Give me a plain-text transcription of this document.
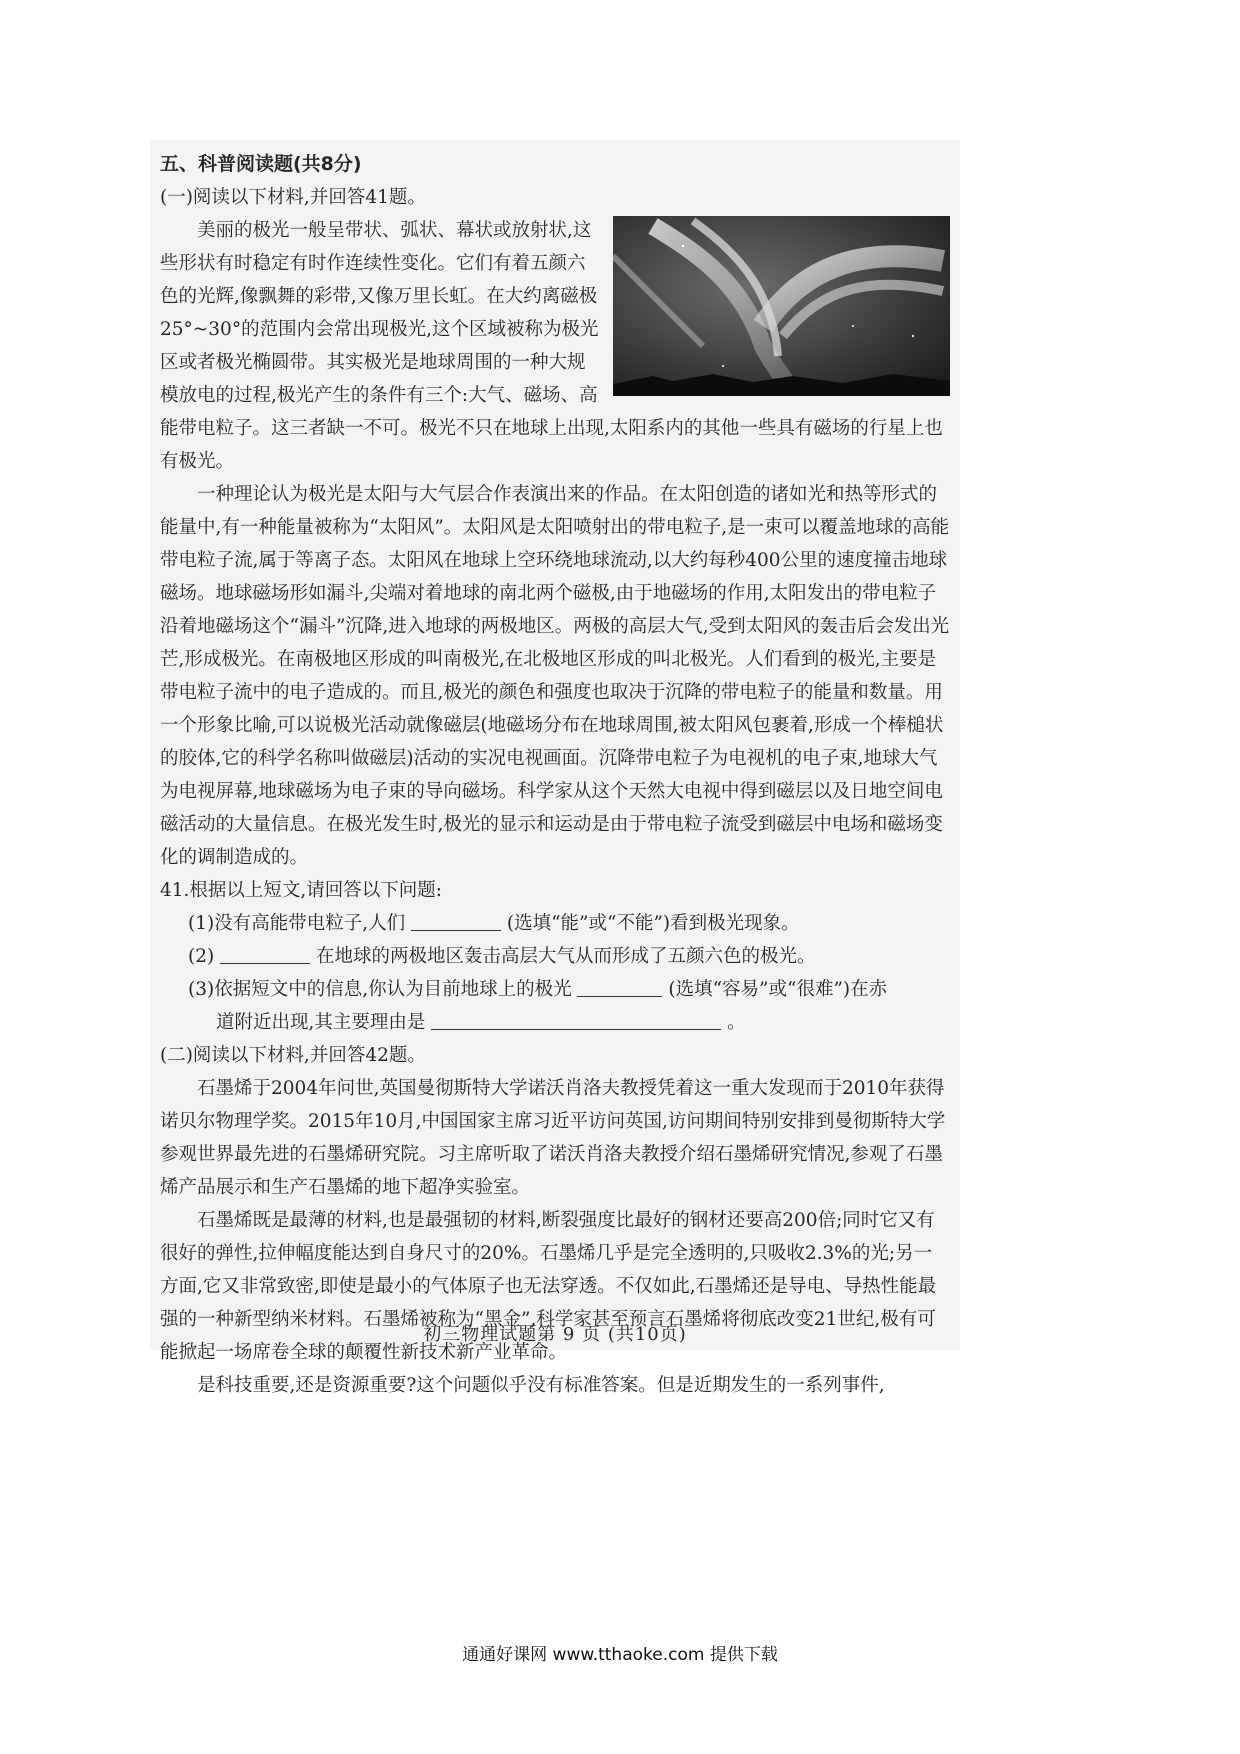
五、科普阅读题(共8分)

(一)阅读以下材料,并回答41题。

美丽的极光一般呈带状、弧状、幕状或放射状,这些形状有时稳定有时作连续性变化。它们有着五颜六色的光辉,像飘舞的彩带,又像万里长虹。在大约离磁极25°~30°的范围内会常出现极光,这个区域被称为极光区或者极光椭圆带。其实极光是地球周围的一种大规模放电的过程,极光产生的条件有三个:大气、磁场、高能带电粒子。这三者缺一不可。极光不只在地球上出现,太阳系内的其他一些具有磁场的行星上也有极光。

一种理论认为极光是太阳与大气层合作表演出来的作品。在太阳创造的诸如光和热等形式的能量中,有一种能量被称为“太阳风”。太阳风是太阳喷射出的带电粒子,是一束可以覆盖地球的高能带电粒子流,属于等离子态。太阳风在地球上空环绕地球流动,以大约每秒400公里的速度撞击地球磁场。地球磁场形如漏斗,尖端对着地球的南北两个磁极,由于地磁场的作用,太阳发出的带电粒子沿着地磁场这个“漏斗”沉降,进入地球的两极地区。两极的高层大气,受到太阳风的轰击后会发出光芒,形成极光。在南极地区形成的叫南极光,在北极地区形成的叫北极光。人们看到的极光,主要是带电粒子流中的电子造成的。而且,极光的颜色和强度也取决于沉降的带电粒子的能量和数量。用一个形象比喻,可以说极光活动就像磁层(地磁场分布在地球周围,被太阳风包裹着,形成一个棒槌状的胶体,它的科学名称叫做磁层)活动的实况电视画面。沉降带电粒子为电视机的电子束,地球大气为电视屏幕,地球磁场为电子束的导向磁场。科学家从这个天然大电视中得到磁层以及日地空间电磁活动的大量信息。在极光发生时,极光的显示和运动是由于带电粒子流受到磁层中电场和磁场变化的调制造成的。

41.根据以上短文,请回答以下问题:

(1)没有高能带电粒子,人们	(选填“能”或“不能”)看到极光现象。

(2)	在地球的两极地区轰击高层大气从而形成了五颜六色的极光。

(3)依据短文中的信息,你认为目前地球上的极光	(选填“容易”或“很难”)在赤

道附近出现,其主要理由是	。

(二)阅读以下材料,并回答42题。

石墨烯于2004年问世,英国曼彻斯特大学诺沃肖洛夫教授凭着这一重大发现而于2010年获得诺贝尔物理学奖。2015年10月,中国国家主席习近平访问英国,访问期间特别安排到曼彻斯特大学参观世界最先进的石墨烯研究院。习主席听取了诺沃肖洛夫教授介绍石墨烯研究情况,参观了石墨烯产品展示和生产石墨烯的地下超净实验室。

石墨烯既是最薄的材料,也是最强韧的材料,断裂强度比最好的钢材还要高200倍;同时它又有很好的弹性,拉伸幅度能达到自身尺寸的20%。石墨烯几乎是完全透明的,只吸收2.3%的光;另一方面,它又非常致密,即使是最小的气体原子也无法穿透。不仅如此,石墨烯还是导电、导热性能最强的一种新型纳米材料。石墨烯被称为“黑金”,科学家甚至预言石墨烯将彻底改变21世纪,极有可能掀起一场席卷全球的颠覆性新技术新产业革命。

是科技重要,还是资源重要?这个问题似乎没有标准答案。但是近期发生的一系列事件,

初三物理试题第 9 页 (共10页)
通通好课网 www.tthaoke.com 提供下载
